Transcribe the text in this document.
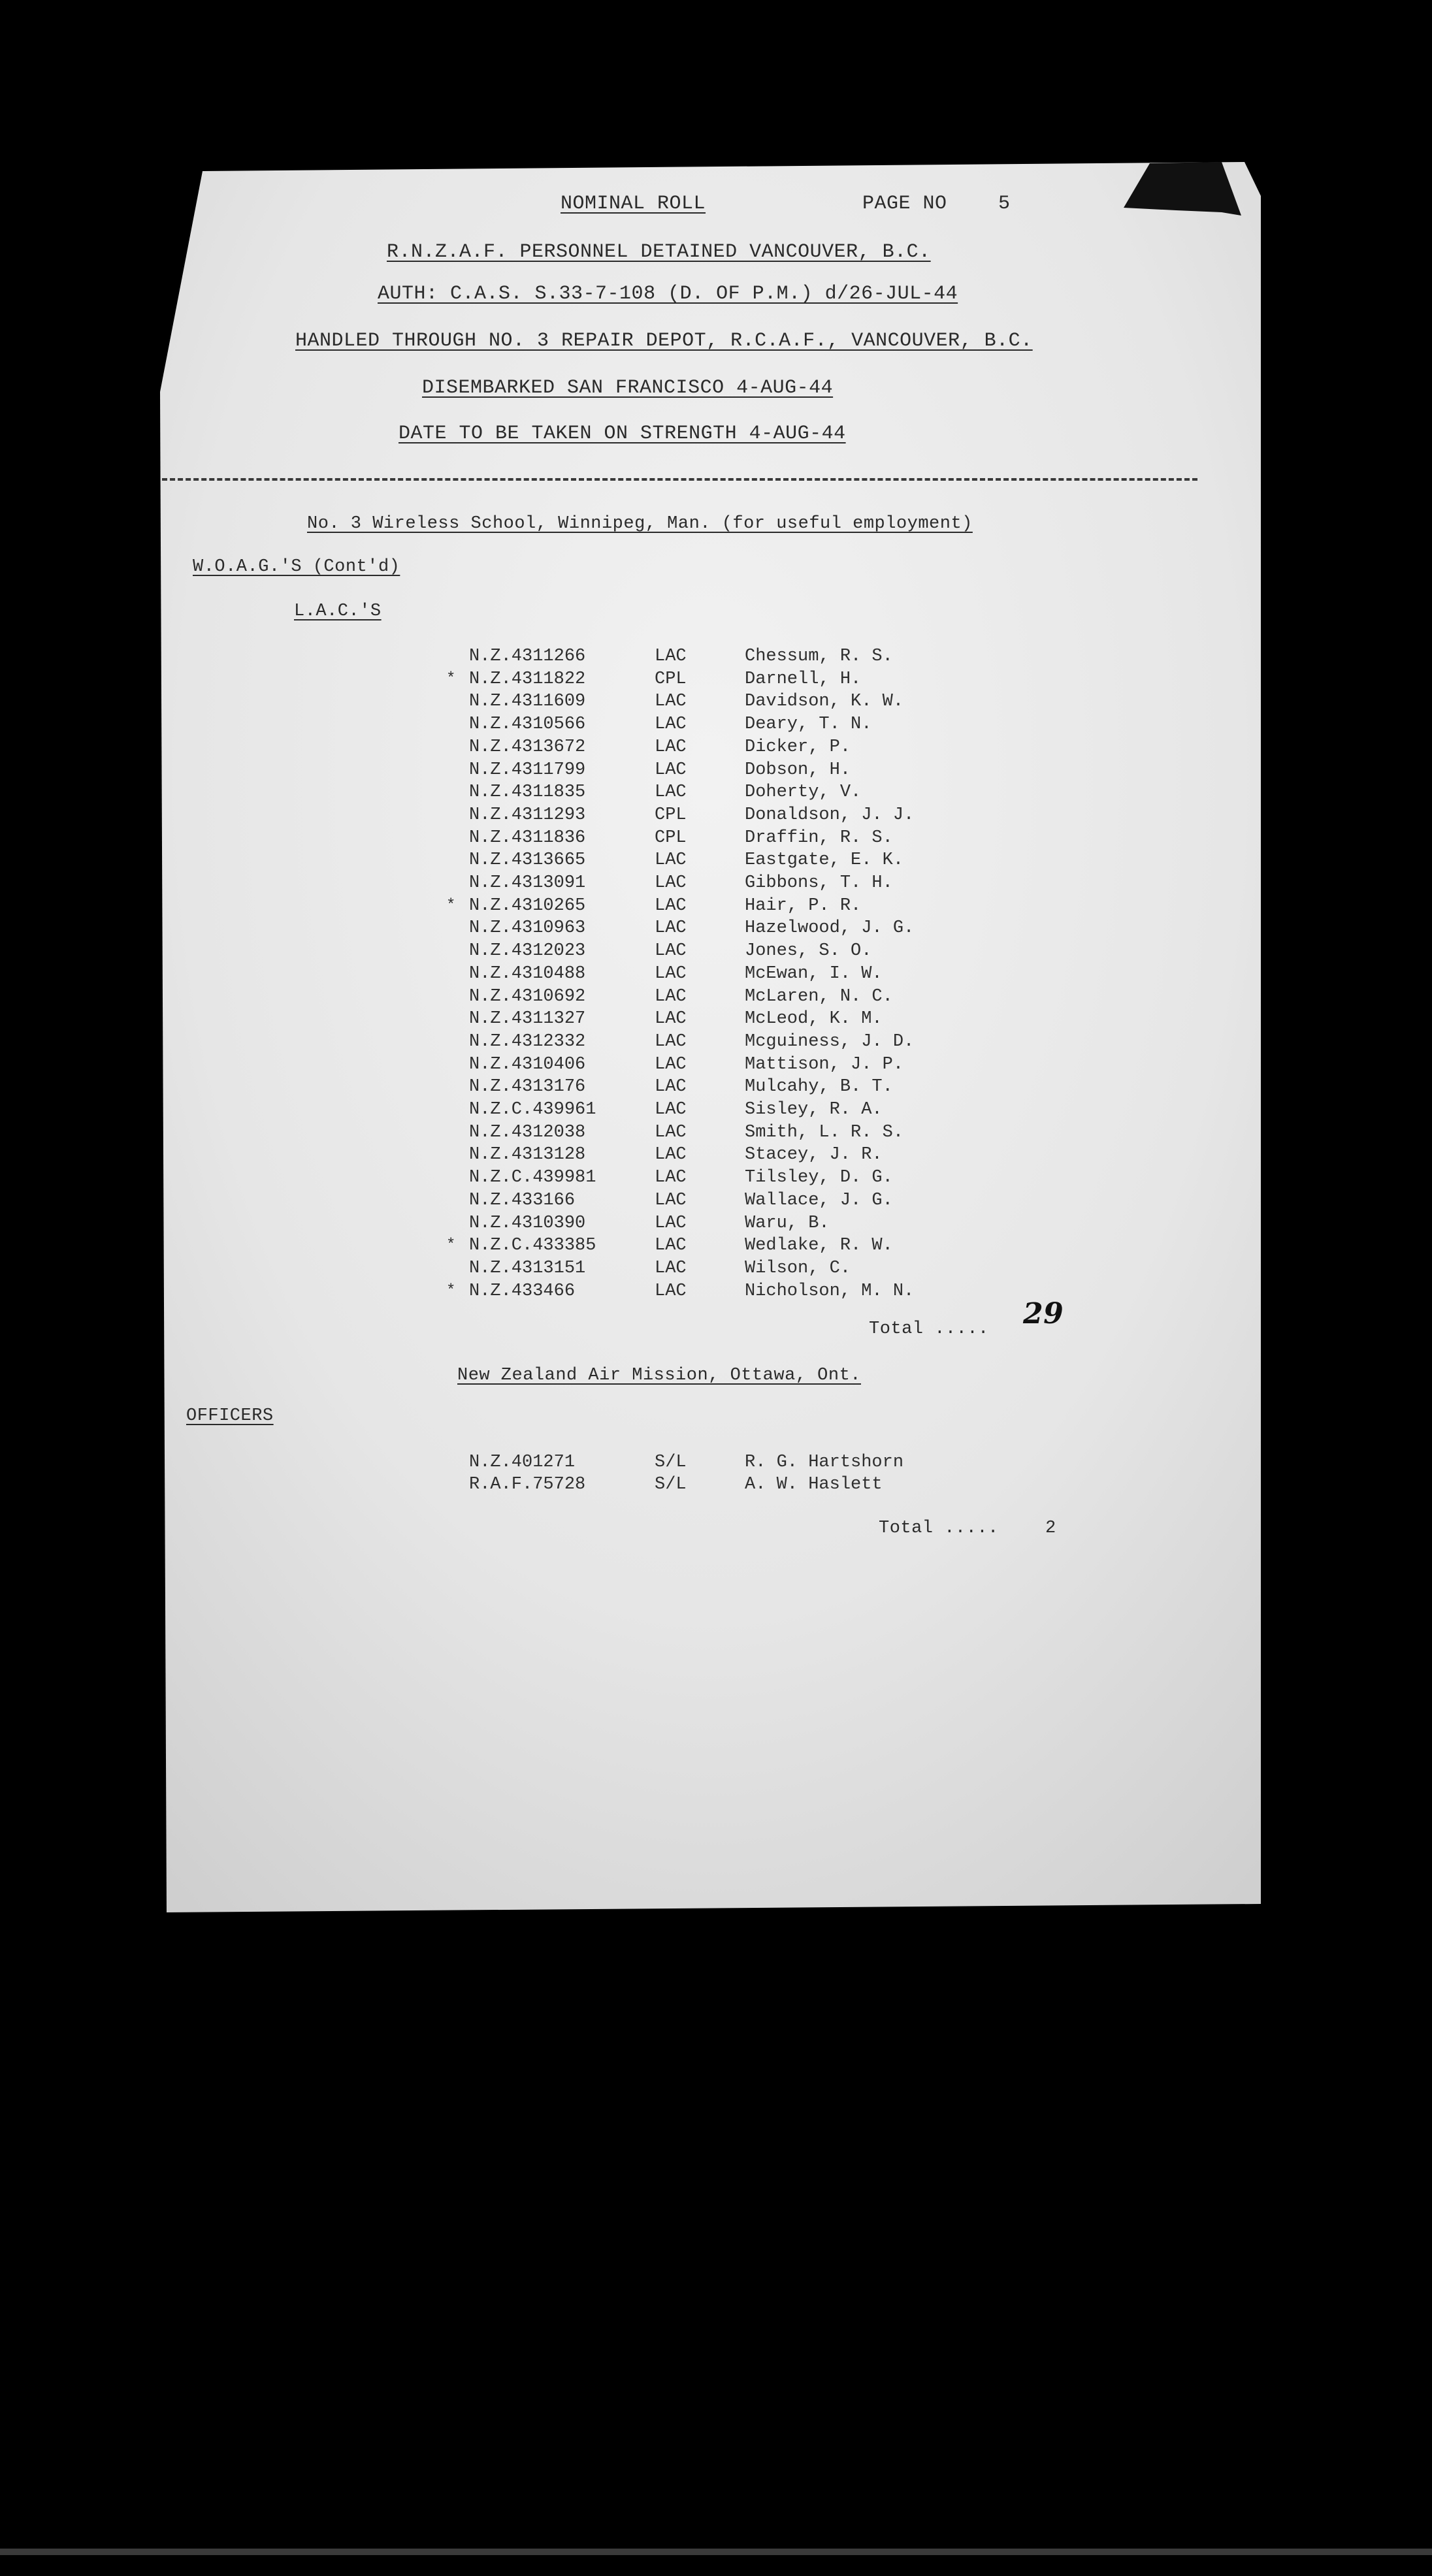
NOMINAL ROLL	PAGE NO	5
R.N.Z.A.F. PERSONNEL DETAINED VANCOUVER, B.C.
AUTH: C.A.S. S.33-7-108 (D. OF P.M.) d/26-JUL-44
HANDLED THROUGH NO. 3 REPAIR DEPOT, R.C.A.F., VANCOUVER, B.C.
DISEMBARKED SAN FRANCISCO 4-AUG-44
DATE TO BE TAKEN ON STRENGTH 4-AUG-44
No. 3 Wireless School, Winnipeg, Man. (for useful employment)
W.O.A.G.'S (Cont'd)
L.A.C.'S
N.Z.4311266	LAC	Chessum, R. S.
* N.Z.4311822	CPL	Darnell, H.
N.Z.4311609	LAC	Davidson, K. W.
N.Z.4310566	LAC	Deary, T. N.
N.Z.4313672	LAC	Dicker, P.
N.Z.4311799	LAC	Dobson, H.
N.Z.4311835	LAC	Doherty, V.
N.Z.4311293	CPL	Donaldson, J. J.
N.Z.4311836	CPL	Draffin, R. S.
N.Z.4313665	LAC	Eastgate, E. K.
N.Z.4313091	LAC	Gibbons, T. H.
* N.Z.4310265	LAC	Hair, P. R.
N.Z.4310963	LAC	Hazelwood, J. G.
N.Z.4312023	LAC	Jones, S. O.
N.Z.4310488	LAC	McEwan, I. W.
N.Z.4310692	LAC	McLaren, N. C.
N.Z.4311327	LAC	McLeod, K. M.
N.Z.4312332	LAC	Mcguiness, J. D.
N.Z.4310406	LAC	Mattison, J. P.
N.Z.4313176	LAC	Mulcahy, B. T.
N.Z.C.439961	LAC	Sisley, R. A.
N.Z.4312038	LAC	Smith, L. R. S.
N.Z.4313128	LAC	Stacey, J. R.
N.Z.C.439981	LAC	Tilsley, D. G.
N.Z.433166	LAC	Wallace, J. G.
N.Z.4310390	LAC	Waru, B.
* N.Z.C.433385	LAC	Wedlake, R. W.
N.Z.4313151	LAC	Wilson, C.
* N.Z.433466	LAC	Nicholson, M. N.
Total ..... 29
New Zealand Air Mission, Ottawa, Ont.
OFFICERS
N.Z.401271	S/L	R. G. Hartshorn
R.A.F.75728	S/L	A. W. Haslett
Total .....	2
